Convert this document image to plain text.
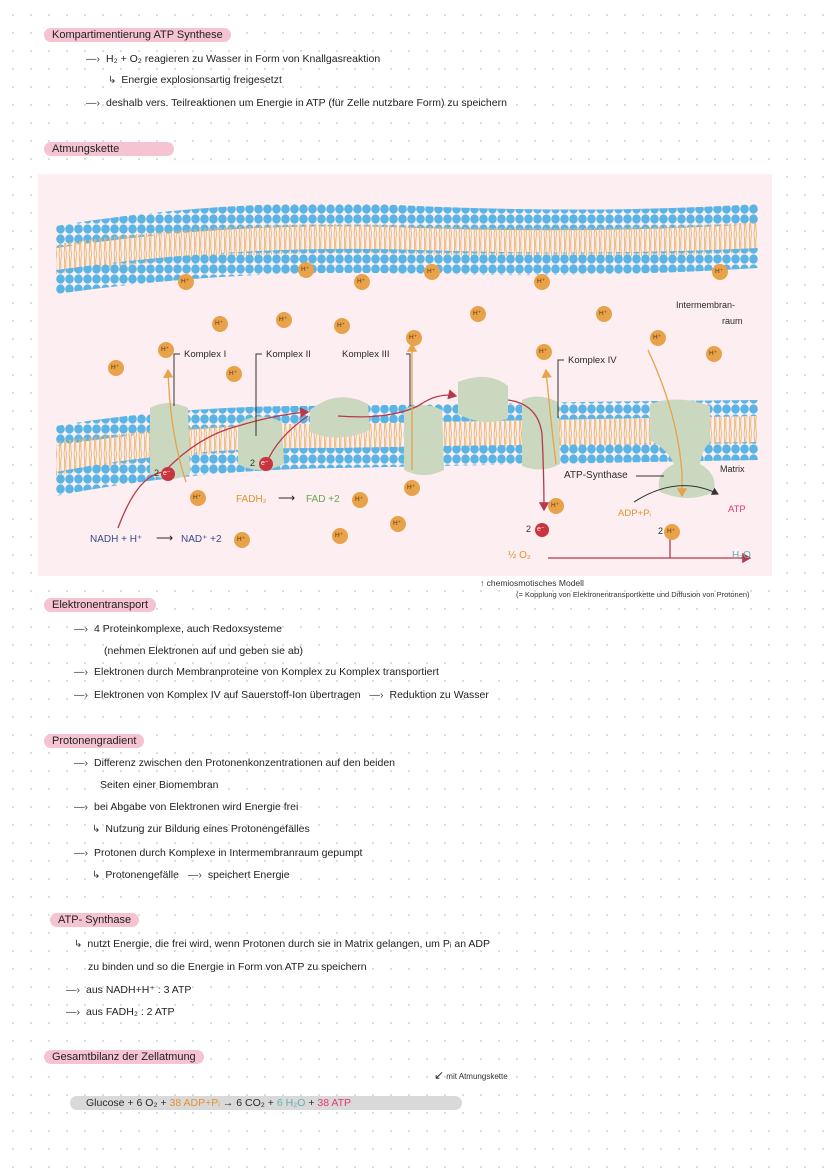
Kompartimentierung ATP Synthese
—› H₂ + O₂ reagieren zu Wasser in Form von Knallgasreaktion
↳ Energie explosionsartig freigesetzt
—› deshalb vers. Teilreaktionen um Energie in ATP (für Zelle nutzbare Form) zu speichern
Atmungskette
H⁺
H⁺
H⁺
H⁺
H⁺
H⁺
H⁺
H⁺
H⁺
H⁺	H⁺
H⁺	H⁺
H⁺	H⁺	H⁺
H⁺
H⁺
H⁺	H⁺
H⁺
H⁺
H⁺
H⁺
H⁺
H⁺
2 e⁻
2 e⁻
2 e⁻
Komplex I	Komplex II	Komplex III
Komplex IV
Intermembran-
raum
Matrix
ATP-Synthase
ADP+Pᵢ	ATP
2
NADH + H⁺ ⟶ NAD⁺ +2
FADH₂ ⟶ FAD +2
½ O₂	H₂O
↑ chemiosmotisches Modell
(= Kopplung von Elektronentransportkette und Diffusion von Protonen)
Elektronentransport
—› 4 Proteinkomplexe, auch Redoxsysteme
(nehmen Elektronen auf und geben sie ab)
—› Elektronen durch Membranproteine von Komplex zu Komplex transportiert
—› Elektronen von Komplex IV auf Sauerstoff-Ion übertragen —› Reduktion zu Wasser
Protonengradient
—› Differenz zwischen den Protonenkonzentrationen auf den beiden
Seiten einer Biomembran
—› bei Abgabe von Elektronen wird Energie frei
↳ Nutzung zur Bildung eines Protonengefälles
—› Protonen durch Komplexe in Intermembranraum gepumpt
↳ Protonengefälle —› speichert Energie
ATP- Synthase
↳ nutzt Energie, die frei wird, wenn Protonen durch sie in Matrix gelangen, um Pᵢ an ADP
zu binden und so die Energie in Form von ATP zu speichern
—› aus NADH+H⁺ : 3 ATP
—› aus FADH₂ : 2 ATP
Gesamtbilanz der Zellatmung
↙ mit Atmungskette
Glucose + 6 O₂ + 38 ADP+Pᵢ → 6 CO₂ + 6 H₂O + 38 ATP
